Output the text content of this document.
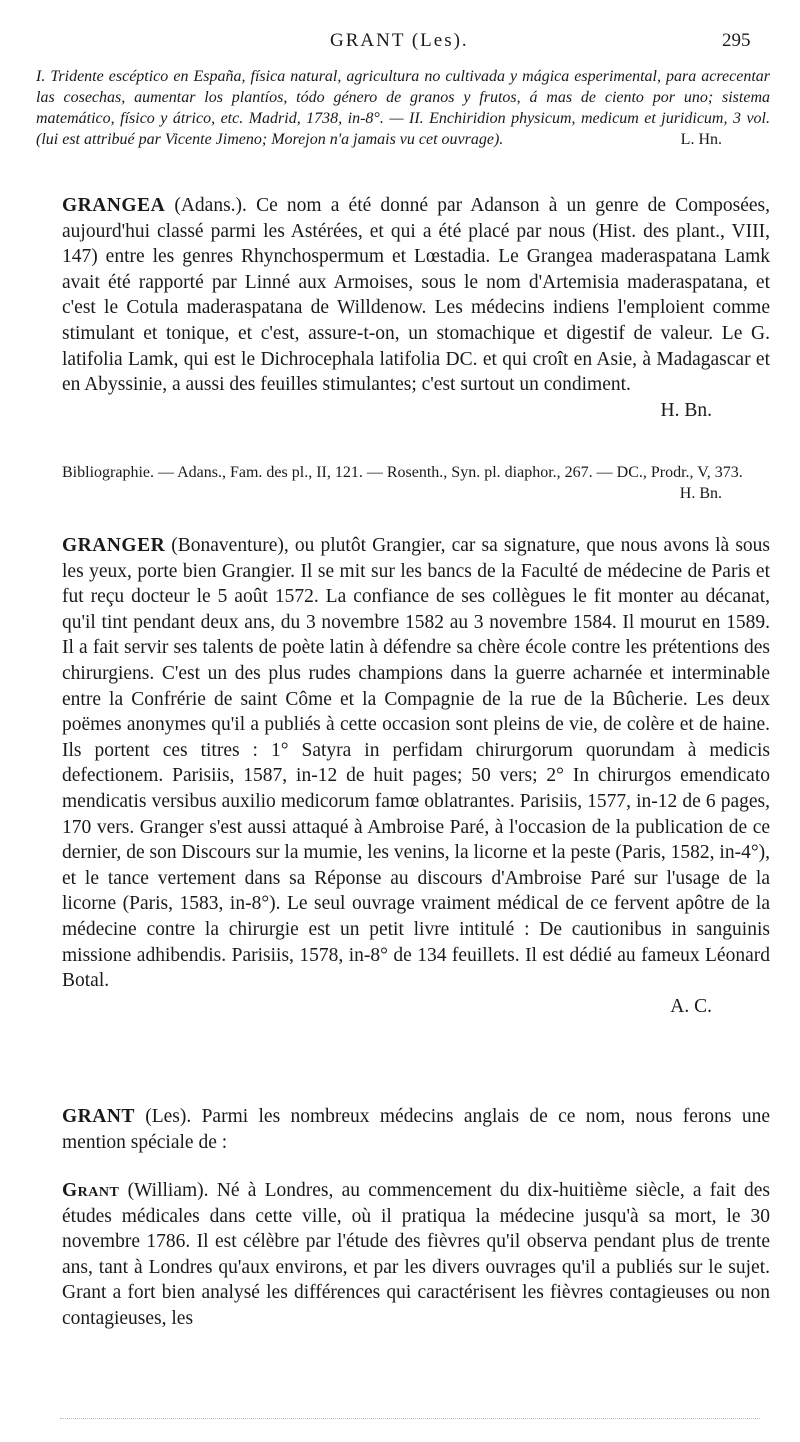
GRANT (Les).	295
I. Tridente escéptico en España, física natural, agricultura no cultivada y mágica esperimental, para acrecentar las cosechas, aumentar los plantíos, tódo género de granos y frutos, á mas de ciento por uno; sistema matemático, físico y átrico, etc. Madrid, 1738, in-8°. — II. Enchiridion physicum, medicum et juridicum, 3 vol. (lui est attribué par Vicente Jimeno; Morejon n'a jamais vu cet ouvrage).	L. Hn.
GRANGEA (Adans.). Ce nom a été donné par Adanson à un genre de Composées, aujourd'hui classé parmi les Astérées, et qui a été placé par nous (Hist. des plant., VIII, 147) entre les genres Rhynchospermum et Lœstadia. Le Grangea maderaspatana Lamk avait été rapporté par Linné aux Armoises, sous le nom d'Artemisia maderaspatana, et c'est le Cotula maderaspatana de Willdenow. Les médecins indiens l'emploient comme stimulant et tonique, et c'est, assure-t-on, un stomachique et digestif de valeur. Le G. latifolia Lamk, qui est le Dichrocephala latifolia DC. et qui croît en Asie, à Madagascar et en Abyssinie, a aussi des feuilles stimulantes; c'est surtout un condiment.
H. Bn.
Bibliographie. — Adans., Fam. des pl., II, 121. — Rosenth., Syn. pl. diaphor., 267. — DC., Prodr., V, 373.
H. Bn.
GRANGER (Bonaventure), ou plutôt Grangier, car sa signature, que nous avons là sous les yeux, porte bien Grangier. Il se mit sur les bancs de la Faculté de médecine de Paris et fut reçu docteur le 5 août 1572. La confiance de ses collègues le fit monter au décanat, qu'il tint pendant deux ans, du 3 novembre 1582 au 3 novembre 1584. Il mourut en 1589. Il a fait servir ses talents de poète latin à défendre sa chère école contre les prétentions des chirurgiens. C'est un des plus rudes champions dans la guerre acharnée et interminable entre la Confrérie de saint Côme et la Compagnie de la rue de la Bûcherie. Les deux poëmes anonymes qu'il a publiés à cette occasion sont pleins de vie, de colère et de haine. Ils portent ces titres : 1° Satyra in perfidam chirurgorum quorundam à medicis defectionem. Parisiis, 1587, in-12 de huit pages; 50 vers; 2° In chirurgos emendicato mendicatis versibus auxilio medicorum famœ oblatrantes. Parisiis, 1577, in-12 de 6 pages, 170 vers. Granger s'est aussi attaqué à Ambroise Paré, à l'occasion de la publication de ce dernier, de son Discours sur la mumie, les venins, la licorne et la peste (Paris, 1582, in-4°), et le tance vertement dans sa Réponse au discours d'Ambroise Paré sur l'usage de la licorne (Paris, 1583, in-8°). Le seul ouvrage vraiment médical de ce fervent apôtre de la médecine contre la chirurgie est un petit livre intitulé : De cautionibus in sanguinis missione adhibendis. Parisiis, 1578, in-8° de 134 feuillets. Il est dédié au fameux Léonard Botal.
A. C.
GRANT (Les). Parmi les nombreux médecins anglais de ce nom, nous ferons une mention spéciale de :
Grant (William). Né à Londres, au commencement du dix-huitième siècle, a fait des études médicales dans cette ville, où il pratiqua la médecine jusqu'à sa mort, le 30 novembre 1786. Il est célèbre par l'étude des fièvres qu'il observa pendant plus de trente ans, tant à Londres qu'aux environs, et par les divers ouvrages qu'il a publiés sur le sujet. Grant a fort bien analysé les différences qui caractérisent les fièvres contagieuses ou non contagieuses, les
